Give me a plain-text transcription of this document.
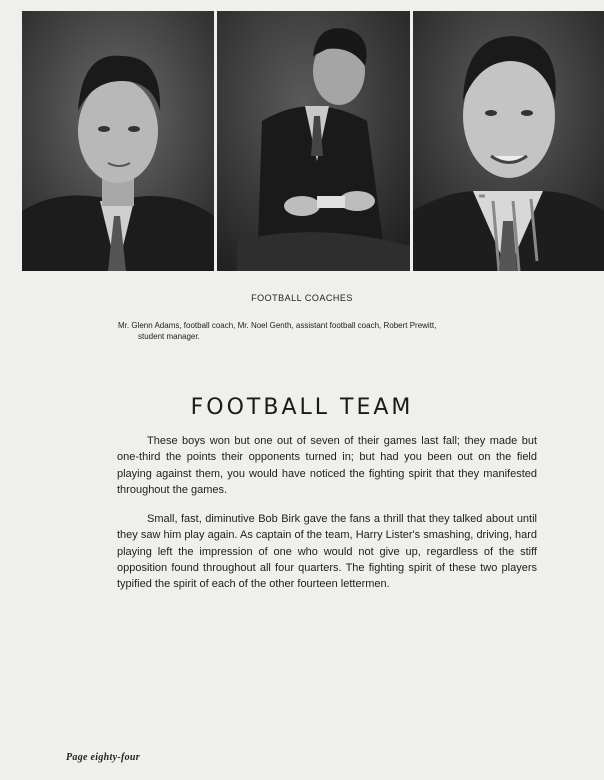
FOOTBALL COACHES
Mr. Glenn Adams, football coach, Mr. Noel Genth, assistant football coach, Robert Prewitt,
student manager.
FOOTBALL TEAM

These boys won but one out of seven of their games last fall; they made but one-third the points their opponents turned in; but had you been out on the field playing against them, you would have noticed the fighting spirit that they manifested throughout the games.

Small, fast, diminutive Bob Birk gave the fans a thrill that they talked about until they saw him play again. As captain of the team, Harry Lister's smashing, driving, hard playing left the impression of one who would not give up, regardless of the stiff opposition found throughout all four quarters. The fighting spirit of these two players typified the spirit of each of the other fourteen lettermen.

Page eighty-four
